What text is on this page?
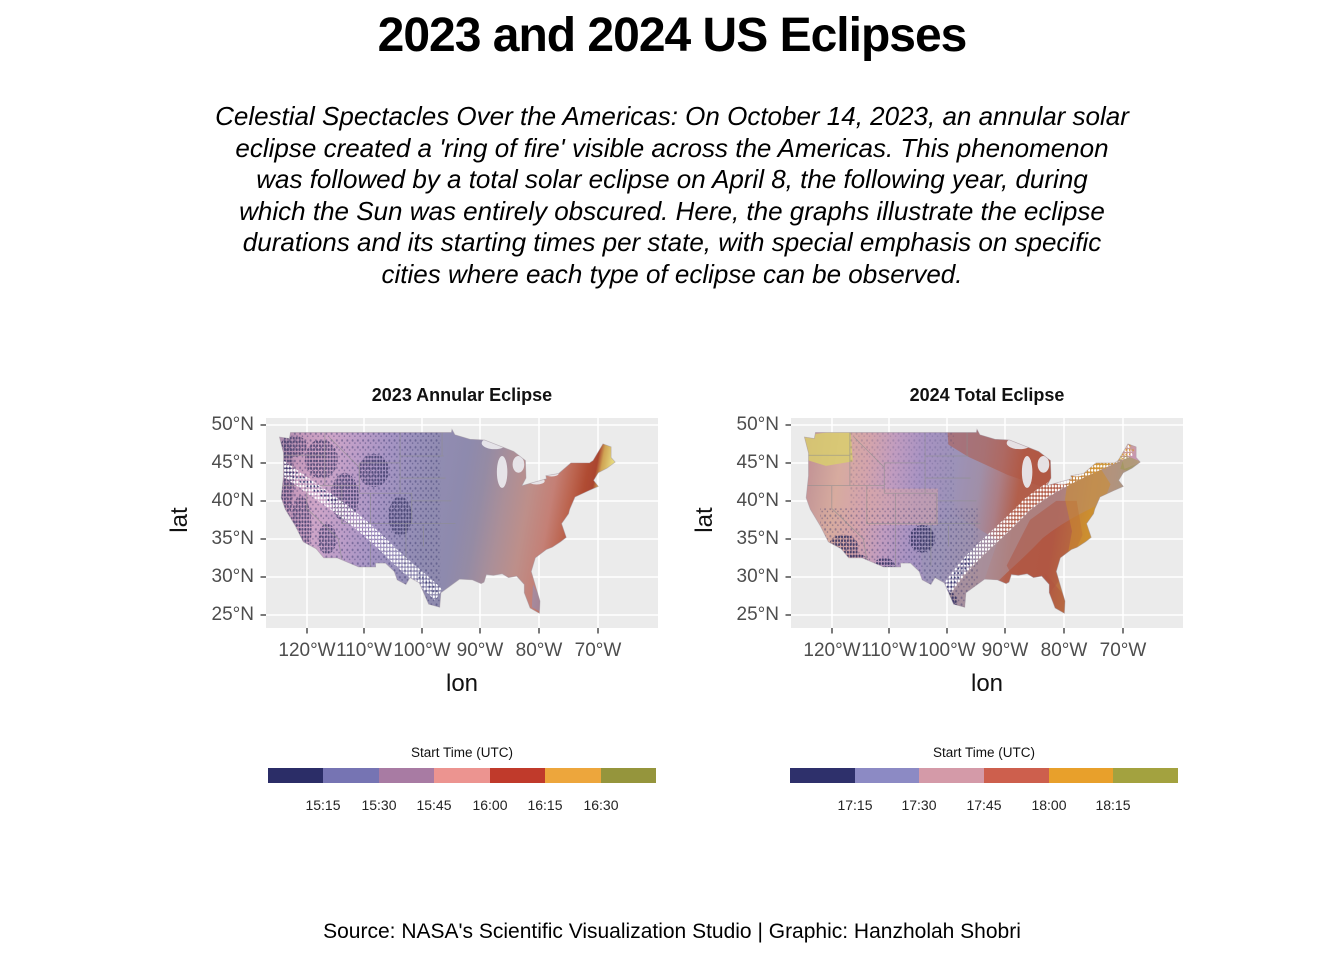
2023 and 2024 US Eclipses
Celestial Spectacles Over the Americas: On October 14, 2023, an annular solar
eclipse created a 'ring of fire' visible across the Americas. This phenomenon
was followed by a total solar eclipse on April 8, the following year, during
which the Sun was entirely obscured. Here, the graphs illustrate the eclipse
durations and its starting times per state, with special emphasis on specific
cities where each type of eclipse can be observed.
2023 Annular Eclipse	2024 Total Eclipse
50°N
45°N
40°N
35°N
30°N
25°N
50°N
45°N
40°N
35°N
30°N
25°N
120°W 110°W 100°W 90°W 80°W 70°W	120°W 110°W 100°W 90°W 80°W 70°W
lat	lat
lon	lon
Start Time (UTC)
15:15	15:30	15:45	16:00	16:15	16:30
Start Time (UTC)
17:15	17:30	17:45	18:00	18:15
Source: NASA's Scientific Visualization Studio | Graphic: Hanzholah Shobri
